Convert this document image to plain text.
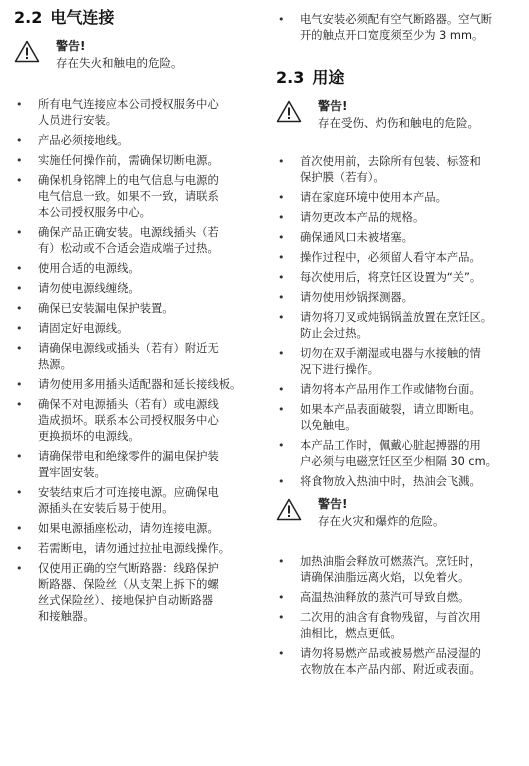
2.2 电气连接
警告!
存在失火和触电的危险。
• 所有电气连接应本公司授权服务中心
人员进行安装。
• 产品必须接地线。
• 实施任何操作前，需确保切断电源。
• 确保机身铭牌上的电气信息与电源的
电气信息一致。如果不一致，请联系
本公司授权服务中心。
• 确保产品正确安装。电源线插头（若
有）松动或不合适会造成端子过热。
• 使用合适的电源线。
• 请勿使电源线缠绕。
• 确保已安装漏电保护装置。
• 请固定好电源线。
• 请确保电源线或插头（若有）附近无
热源。
• 请勿使用多用插头适配器和延长接线板。
• 确保不对电源插头（若有）或电源线
造成损坏。联系本公司授权服务中心
更换损坏的电源线。
• 请确保带电和绝缘零件的漏电保护装
置牢固安装。
• 安装结束后才可连接电源。应确保电
源插头在安装后易于使用。
• 如果电源插座松动，请勿连接电源。
• 若需断电，请勿通过拉扯电源线操作。
• 仅使用正确的空气断路器：线路保护
断路器、保险丝（从支架上拆下的螺
丝式保险丝）、接地保护自动断路器
和接触器。
• 电气安装必须配有空气断路器。空气断
开的触点开口宽度须至少为 3 mm。
2.3 用途
警告!
存在受伤、灼伤和触电的危险。
• 首次使用前，去除所有包装、标签和
保护膜（若有）。
• 请在家庭环境中使用本产品。
• 请勿更改本产品的规格。
• 确保通风口未被堵塞。
• 操作过程中，必须留人看守本产品。
• 每次使用后，将烹饪区设置为“关”。
• 请勿使用炒锅探测器。
• 请勿将刀叉或炖锅锅盖放置在烹饪区。
防止会过热。
• 切勿在双手潮湿或电器与水接触的情
况下进行操作。
• 请勿将本产品用作工作或储物台面。
• 如果本产品表面破裂，请立即断电。
以免触电。
• 本产品工作时，佩戴心脏起搏器的用
户必须与电磁烹饪区至少相隔 30 cm。
• 将食物放入热油中时，热油会飞溅。
警告!
存在火灾和爆炸的危险。
• 加热油脂会释放可燃蒸汽。烹饪时，
请确保油脂远离火焰，以免着火。
• 高温热油释放的蒸汽可导致自燃。
• 二次用的油含有食物残留，与首次用
油相比，燃点更低。
• 请勿将易燃产品或被易燃产品浸湿的
衣物放在本产品内部、附近或表面。
